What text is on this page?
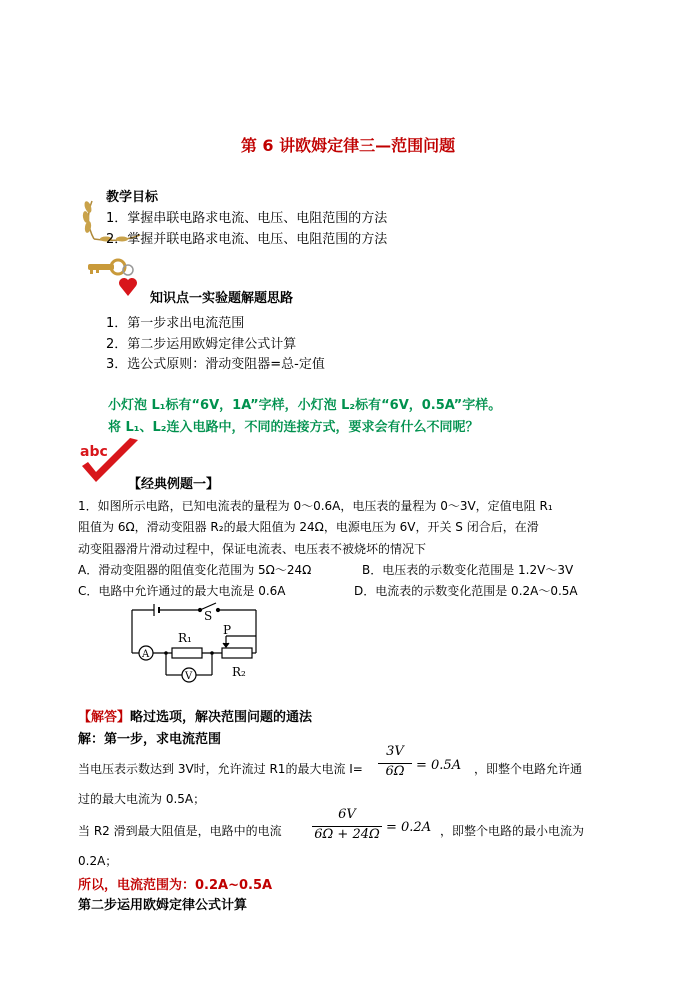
第 6 讲欧姆定律三—范围问题
教学目标
1．掌握串联电路求电流、电压、电阻范围的方法
2．掌握并联电路求电流、电压、电阻范围的方法
知识点一实验题解题思路
1．第一步求出电流范围
2．第二步运用欧姆定律公式计算
3．选公式原则：滑动变阻器=总-定值
小灯泡 L₁标有“6V，1A”字样，小灯泡 L₂标有“6V，0.5A”字样。
将 L₁、L₂连入电路中，不同的连接方式，要求会有什么不同呢？
abc
【经典例题一】
1．如图所示电路，已知电流表的量程为 0～0.6A，电压表的量程为 0～3V，定值电阻 R₁
阻值为 6Ω，滑动变阻器 R₂的最大阻值为 24Ω，电源电压为 6V，开关 S 闭合后，在滑
动变阻器滑片滑动过程中，保证电流表、电压表不被烧坏的情况下
A．滑动变阻器的阻值变化范围为 5Ω～24Ω	B．电压表的示数变化范围是 1.2V～3V
C．电路中允许通过的最大电流是 0.6A	D．电流表的示数变化范围是 0.2A～0.5A
S
R₁
P
R₂
A
V
【解答】略过选项，解决范围问题的通法
解：第一步，求电流范围
当电压表示数达到 3V时，允许流过 R1的最大电流 I=
3V
6Ω = 0.5A ，即整个电路允许通
过的最大电流为 0.5A；
当 R2 滑到最大阻值是，电路中的电流
6V
6Ω + 24Ω = 0.2A ，即整个电路的最小电流为
0.2A；
所以，电流范围为：0.2A~0.5A
第二步运用欧姆定律公式计算
